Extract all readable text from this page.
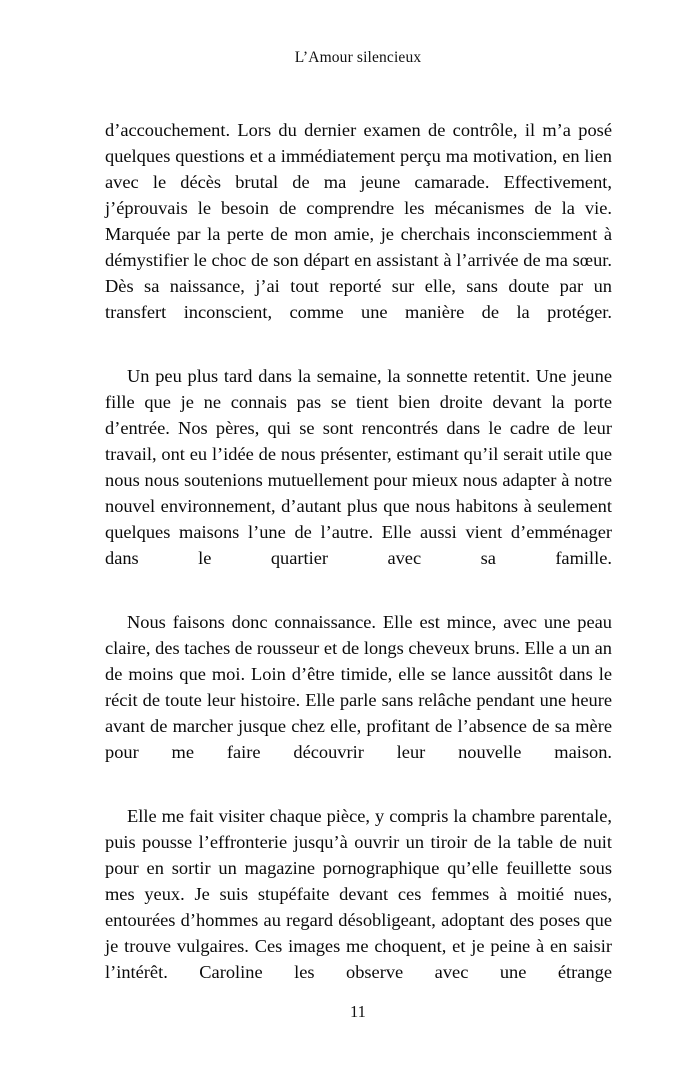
L’Amour silencieux

d’accouchement. Lors du dernier examen de contrôle, il m’a posé quelques questions et a immédiatement perçu ma motivation, en lien avec le décès brutal de ma jeune camarade. Effectivement, j’éprouvais le besoin de comprendre les mécanismes de la vie. Marquée par la perte de mon amie, je cherchais inconsciemment à démystifier le choc de son départ en assistant à l’arrivée de ma sœur. Dès sa naissance, j’ai tout reporté sur elle, sans doute par un transfert inconscient, comme une manière de la protéger.

Un peu plus tard dans la semaine, la sonnette retentit. Une jeune fille que je ne connais pas se tient bien droite devant la porte d’entrée. Nos pères, qui se sont rencontrés dans le cadre de leur travail, ont eu l’idée de nous présenter, estimant qu’il serait utile que nous nous soutenions mutuellement pour mieux nous adapter à notre nouvel environnement, d’autant plus que nous habitons à seulement quelques maisons l’une de l’autre. Elle aussi vient d’emménager dans le quartier avec sa famille.

Nous faisons donc connaissance. Elle est mince, avec une peau claire, des taches de rousseur et de longs cheveux bruns. Elle a un an de moins que moi. Loin d’être timide, elle se lance aussitôt dans le récit de toute leur histoire. Elle parle sans relâche pendant une heure avant de marcher jusque chez elle, profitant de l’absence de sa mère pour me faire découvrir leur nouvelle maison.

Elle me fait visiter chaque pièce, y compris la chambre parentale, puis pousse l’effronterie jusqu’à ouvrir un tiroir de la table de nuit pour en sortir un magazine pornographique qu’elle feuillette sous mes yeux. Je suis stupéfaite devant ces femmes à moitié nues, entourées d’hommes au regard désobligeant, adoptant des poses que je trouve vulgaires. Ces images me choquent, et je peine à en saisir l’intérêt. Caroline les observe avec une étrange

11
